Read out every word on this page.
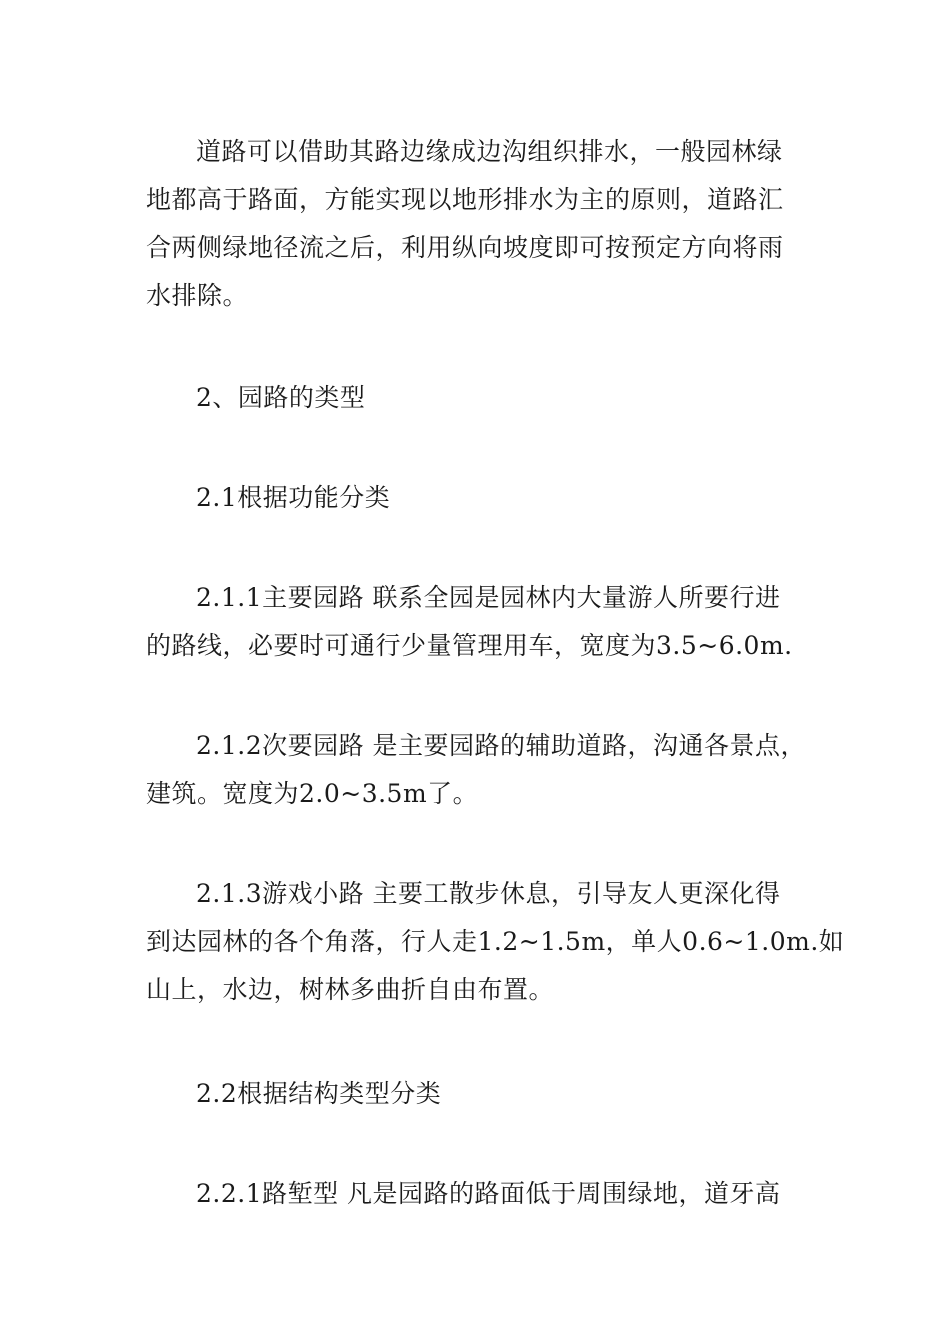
道路可以借助其路边缘成边沟组织排水，一般园林绿
地都高于路面，方能实现以地形排水为主的原则，道路汇
合两侧绿地径流之后，利用纵向坡度即可按预定方向将雨
水排除。
2、园路的类型
2.1根据功能分类
2.1.1主要园路 联系全园是园林内大量游人所要行进
的路线，必要时可通行少量管理用车，宽度为3.5~6.0m.
2.1.2次要园路 是主要园路的辅助道路，沟通各景点，
建筑。宽度为2.0~3.5m了。
2.1.3游戏小路 主要工散步休息，引导友人更深化得
到达园林的各个角落，行人走1.2~1.5m，单人0.6~1.0m.如
山上，水边，树林多曲折自由布置。
2.2根据结构类型分类
2.2.1路堑型 凡是园路的路面低于周围绿地，道牙高
